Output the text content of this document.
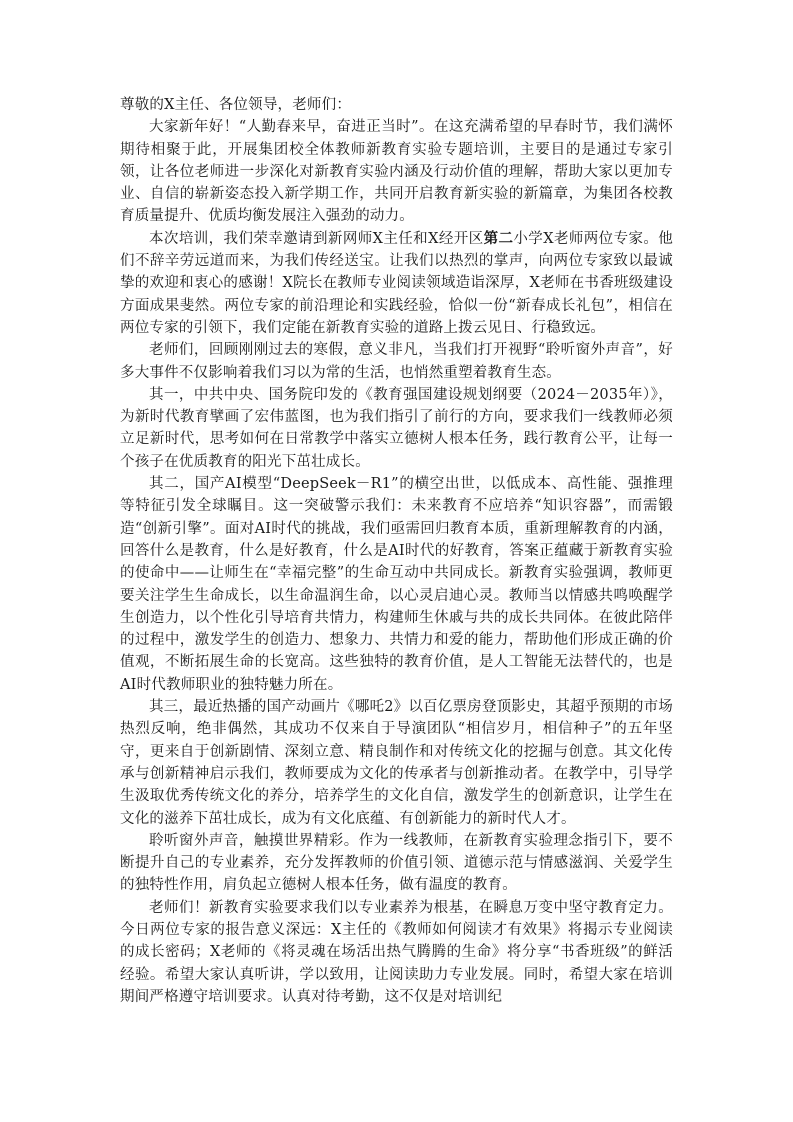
尊敬的X主任、各位领导，老师们：

大家新年好！“人勤春来早，奋进正当时”。在这充满希望的早春时节，我们满怀期待相聚于此，开展集团校全体教师新教育实验专题培训，主要目的是通过专家引领，让各位老师进一步深化对新教育实验内涵及行动价值的理解，帮助大家以更加专业、自信的崭新姿态投入新学期工作，共同开启教育新实验的新篇章，为集团各校教育质量提升、优质均衡发展注入强劲的动力。

本次培训，我们荣幸邀请到新网师X主任和X经开区第二小学X老师两位专家。他们不辞辛劳远道而来，为我们传经送宝。让我们以热烈的掌声，向两位专家致以最诚挚的欢迎和衷心的感谢！X院长在教师专业阅读领域造诣深厚，X老师在书香班级建设方面成果斐然。两位专家的前沿理论和实践经验，恰似一份“新春成长礼包”，相信在两位专家的引领下，我们定能在新教育实验的道路上拨云见日、行稳致远。

老师们，回顾刚刚过去的寒假，意义非凡，当我们打开视野“聆听窗外声音”，好多大事件不仅影响着我们习以为常的生活，也悄然重塑着教育生态。

其一，中共中央、国务院印发的《教育强国建设规划纲要（2024－2035年）》，为新时代教育擘画了宏伟蓝图，也为我们指引了前行的方向，要求我们一线教师必须立足新时代，思考如何在日常教学中落实立德树人根本任务，践行教育公平，让每一个孩子在优质教育的阳光下茁壮成长。

其二，国产AI模型“DeepSeek－R1”的横空出世，以低成本、高性能、强推理等特征引发全球瞩目。这一突破警示我们：未来教育不应培养“知识容器”，而需锻造“创新引擎”。面对AI时代的挑战，我们亟需回归教育本质，重新理解教育的内涵，回答什么是教育，什么是好教育，什么是AI时代的好教育，答案正蕴藏于新教育实验的使命中——让师生在“幸福完整”的生命互动中共同成长。新教育实验强调，教师更要关注学生生命成长，以生命温润生命，以心灵启迪心灵。教师当以情感共鸣唤醒学生创造力，以个性化引导培育共情力，构建师生休戚与共的成长共同体。在彼此陪伴的过程中，激发学生的创造力、想象力、共情力和爱的能力，帮助他们形成正确的价值观，不断拓展生命的长宽高。这些独特的教育价值，是人工智能无法替代的，也是AI时代教师职业的独特魅力所在。

其三，最近热播的国产动画片《哪吒2》以百亿票房登顶影史，其超乎预期的市场热烈反响，绝非偶然，其成功不仅来自于导演团队“相信岁月，相信种子”的五年坚守，更来自于创新剧情、深刻立意、精良制作和对传统文化的挖掘与创意。其文化传承与创新精神启示我们，教师要成为文化的传承者与创新推动者。在教学中，引导学生汲取优秀传统文化的养分，培养学生的文化自信，激发学生的创新意识，让学生在文化的滋养下茁壮成长，成为有文化底蕴、有创新能力的新时代人才。

聆听窗外声音，触摸世界精彩。作为一线教师，在新教育实验理念指引下，要不断提升自己的专业素养，充分发挥教师的价值引领、道德示范与情感滋润、关爱学生的独特性作用，肩负起立德树人根本任务，做有温度的教育。

老师们！新教育实验要求我们以专业素养为根基，在瞬息万变中坚守教育定力。今日两位专家的报告意义深远：X主任的《教师如何阅读才有效果》将揭示专业阅读的成长密码；X老师的《将灵魂在场活出热气腾腾的生命》将分享“书香班级”的鲜活经验。希望大家认真听讲，学以致用，让阅读助力专业发展。同时，希望大家在培训期间严格遵守培训要求。认真对待考勤，这不仅是对培训纪
